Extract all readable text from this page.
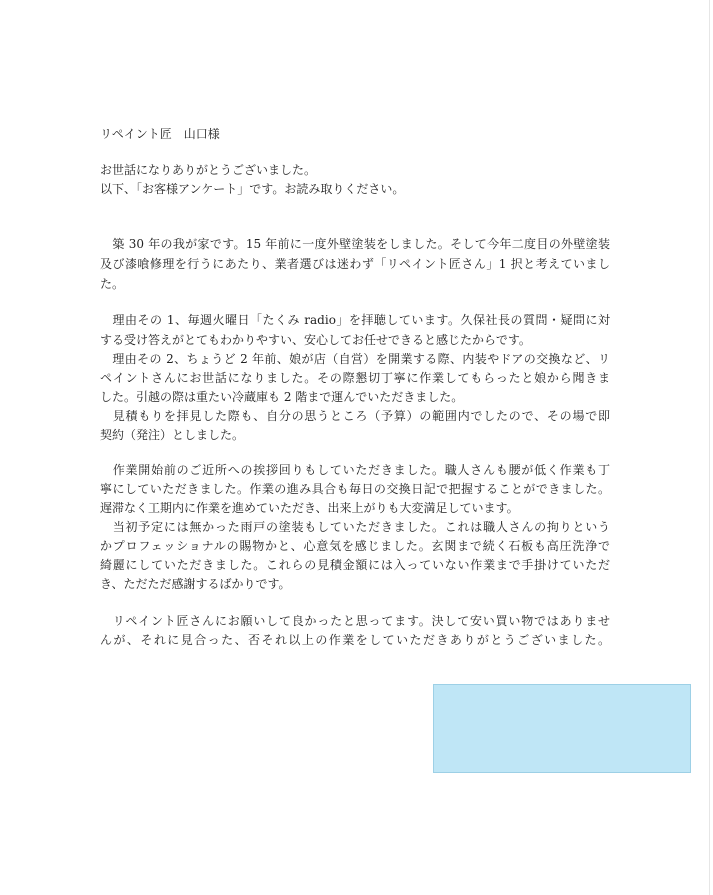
リペイント匠　山口様
お世話になりありがとうございました。
以下、「お客様アンケート」です。お読み取りください。
　築 30 年の我が家です。15 年前に一度外壁塗装をしました。そして今年二度目の外壁塗装
及び漆喰修理を行うにあたり、業者選びは迷わず「リペイント匠さん」1 択と考えていまし
た。
　理由その 1、毎週火曜日「たくみ radio」を拝聴しています。久保社長の質問・疑問に対
する受け答えがとてもわかりやすい、安心してお任せできると感じたからです。
　理由その 2、ちょうど 2 年前、娘が店（自営）を開業する際、内装やドアの交換など、リ
ペイントさんにお世話になりました。その際懇切丁寧に作業してもらったと娘から聞きま
した。引越の際は重たい冷蔵庫も 2 階まで運んでいただきました。
　見積もりを拝見した際も、自分の思うところ（予算）の範囲内でしたので、その場で即
契約（発注）としました。
　作業開始前のご近所への挨拶回りもしていただきました。職人さんも腰が低く作業も丁
寧にしていただきました。作業の進み具合も毎日の交換日記で把握することができました。
遅滞なく工期内に作業を進めていただき、出来上がりも大変満足しています。
　当初予定には無かった雨戸の塗装もしていただきました。これは職人さんの拘りという
かプロフェッショナルの賜物かと、心意気を感じました。玄関まで続く石板も高圧洗浄で
綺麗にしていただきました。これらの見積金額には入っていない作業まで手掛けていただ
き、ただただ感謝するばかりです。
　リペイント匠さんにお願いして良かったと思ってます。決して安い買い物ではありませ
んが、それに見合った、否それ以上の作業をしていただきありがとうございました。
